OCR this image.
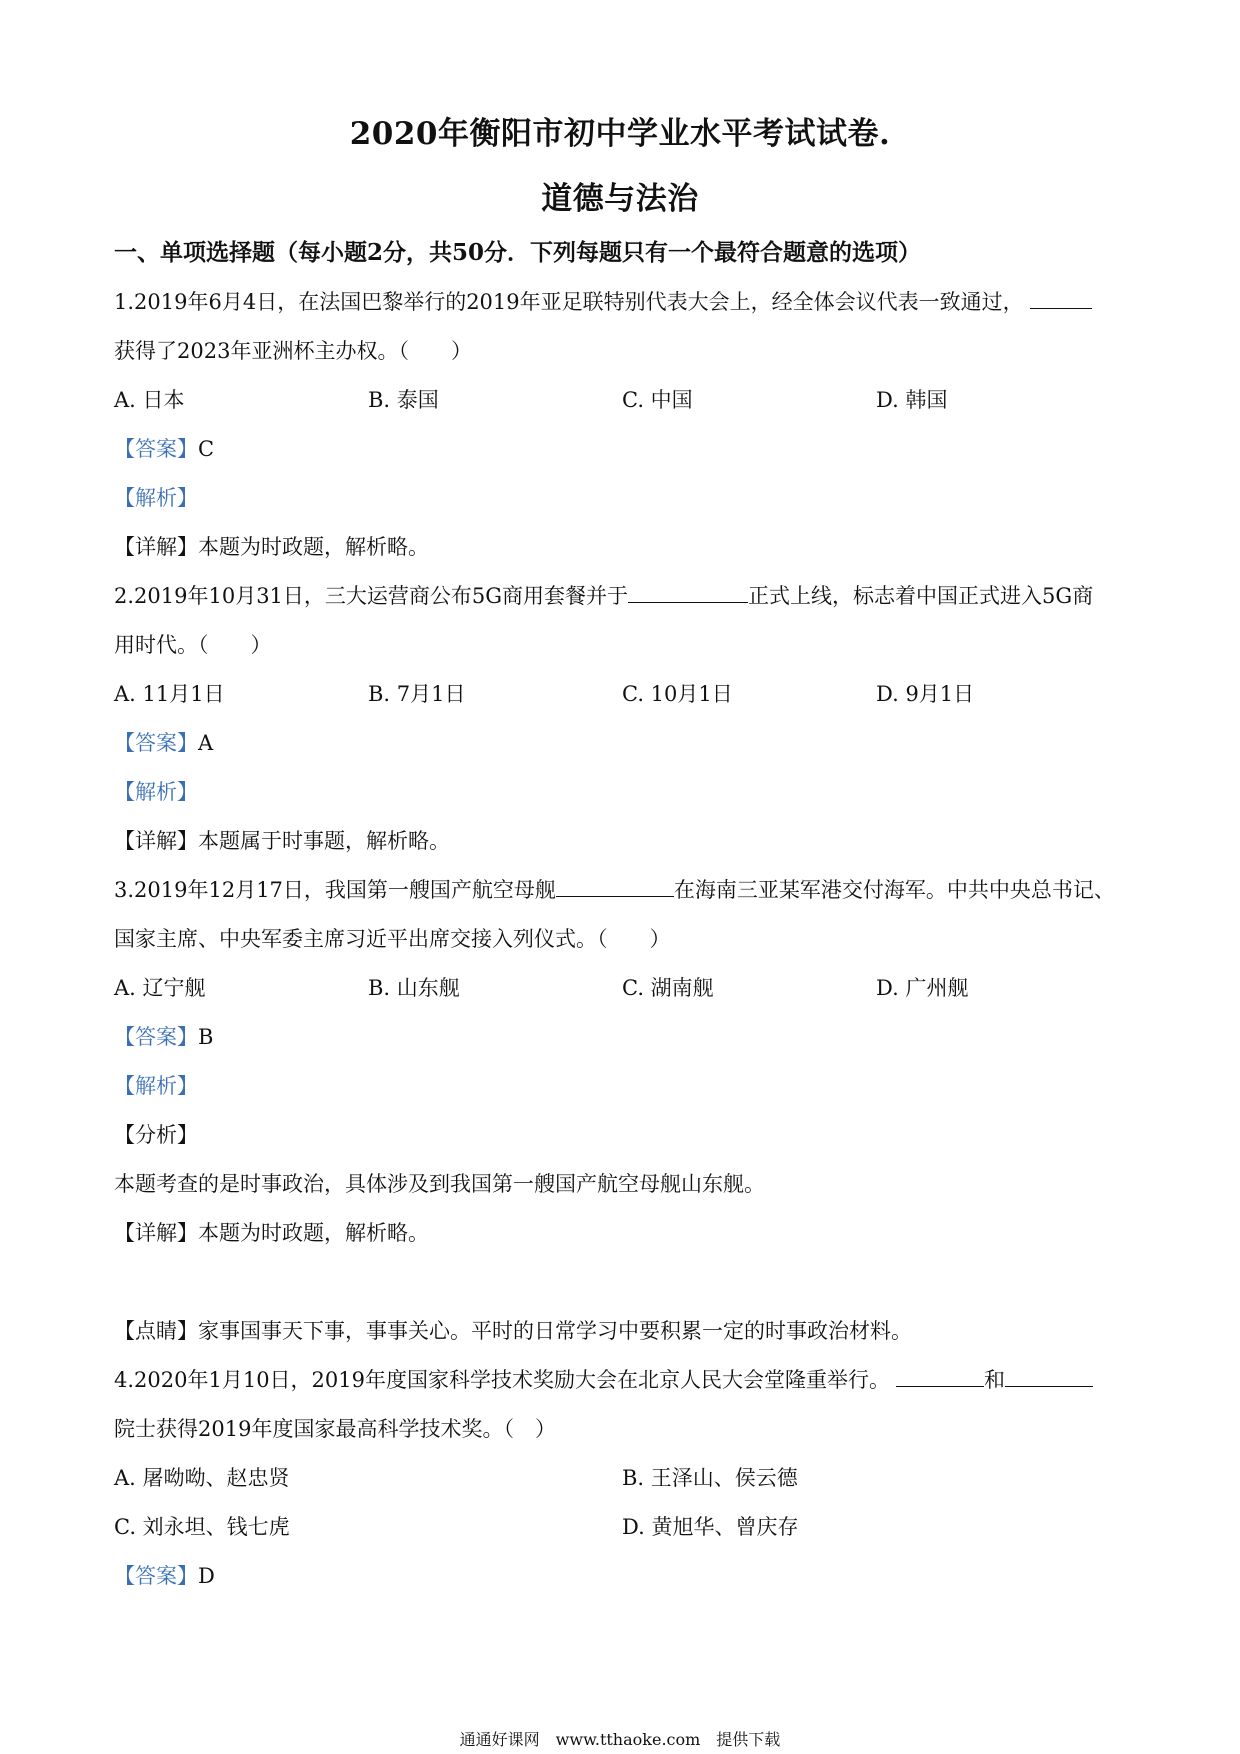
2020年衡阳市初中学业水平考试试卷.
道德与法治
一、单项选择题（每小题2分，共50分．下列每题只有一个最符合题意的选项）
1.2019年6月4日，在法国巴黎举行的2019年亚足联特别代表大会上，经全体会议代表一致通过，
获得了2023年亚洲杯主办权。（　　）
A. 日本	B. 泰国	C. 中国	D. 韩国
【答案】C
【解析】
【详解】本题为时政题，解析略。
2.2019年10月31日，三大运营商公布5G商用套餐并于	正式上线，标志着中国正式进入5G商
用时代。（　　）
A. 11月1日	B. 7月1日	C. 10月1日	D. 9月1日
【答案】A
【解析】
【详解】本题属于时事题，解析略。
3.2019年12月17日，我国第一艘国产航空母舰	在海南三亚某军港交付海军。中共中央总书记、
国家主席、中央军委主席习近平出席交接入列仪式。（　　）
A. 辽宁舰	B. 山东舰	C. 湖南舰	D. 广州舰
【答案】B
【解析】
【分析】
本题考查的是时事政治，具体涉及到我国第一艘国产航空母舰山东舰。
【详解】本题为时政题，解析略。
【点睛】家事国事天下事，事事关心。平时的日常学习中要积累一定的时事政治材料。
4.2020年1月10日，2019年度国家科学技术奖励大会在北京人民大会堂隆重举行。	和
院士获得2019年度国家最高科学技术奖。（　）
A. 屠呦呦、赵忠贤	B. 王泽山、侯云德
C. 刘永坦、钱七虎	D. 黄旭华、曾庆存
【答案】D
通通好课网　www.tthaoke.com　提供下载
